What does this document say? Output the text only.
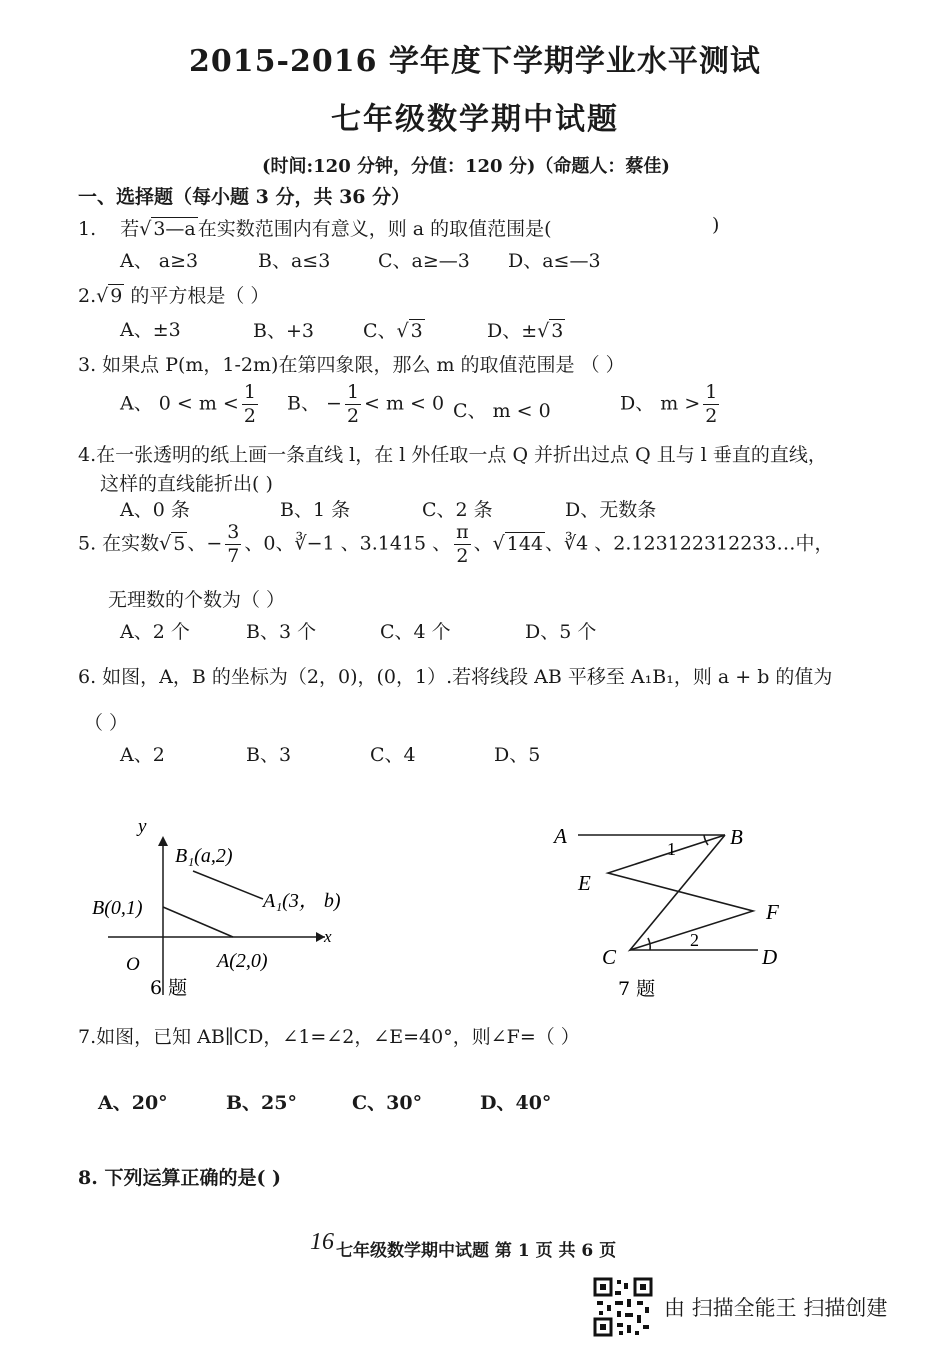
2015-2016 学年度下学期学业水平测试
七年级数学期中试题
(时间:120 分钟，分值：120 分)（命题人：蔡佳)
一、选择题（每小题 3 分，共 36 分）
1. 若√ 3—a 在实数范围内有意义，则 a 的取值范围是(	)
A、 a≥3	B、a≤3	C、a≥—3 D、a≤—3
2.√ 9 的平方根是（ ）
A、±3	B、+3	C、√ 3	D、±√ 3
3. 如果点 P(m，1-2m)在第四象限，那么 m 的取值范围是 （ ）
A、 $0 < m < \frac{1}{2}$ B、 − $\frac{1}{2} < m < 0$ C、 m < 0	D、 $m > \frac{1}{2}$
4.在一张透明的纸上画一条直线 l，在 l 外任取一点 Q 并折出过点 Q 且与 l 垂直的直线，
这样的直线能折出( )
A、0 条	B、1 条	C、2 条	D、无数条
5. 在实数√ 5 、− $\frac{3}{7}$ 、0、∛−1 、3.1415 、 $\frac{\pi}{2}$ 、√ 144 、∛4 、2.123122312233…中，
无理数的个数为（ ）
A、2 个	B、3 个	C、4 个	D、5 个
6. 如图，A，B 的坐标为（2，0)，(0，1）.若将线段 AB 平移至 A₁B₁，则 a + b 的值为
（ ）
A、2	B、3	C、4	D、5
y
x
O
B₁(a,2)
A₁(3， b)
B(0,1)
A(2,0)
6 题
A	B
E
F
C	D
1
2
7 题
7.如图，已知 AB∥CD，∠1=∠2，∠E=40°，则∠F=（ ）
A、20°	B、25°	C、30°	D、40°
8. 下列运算正确的是( )
16 七年级数学期中试题 第 1 页 共 6 页
由 扫描全能王 扫描创建
